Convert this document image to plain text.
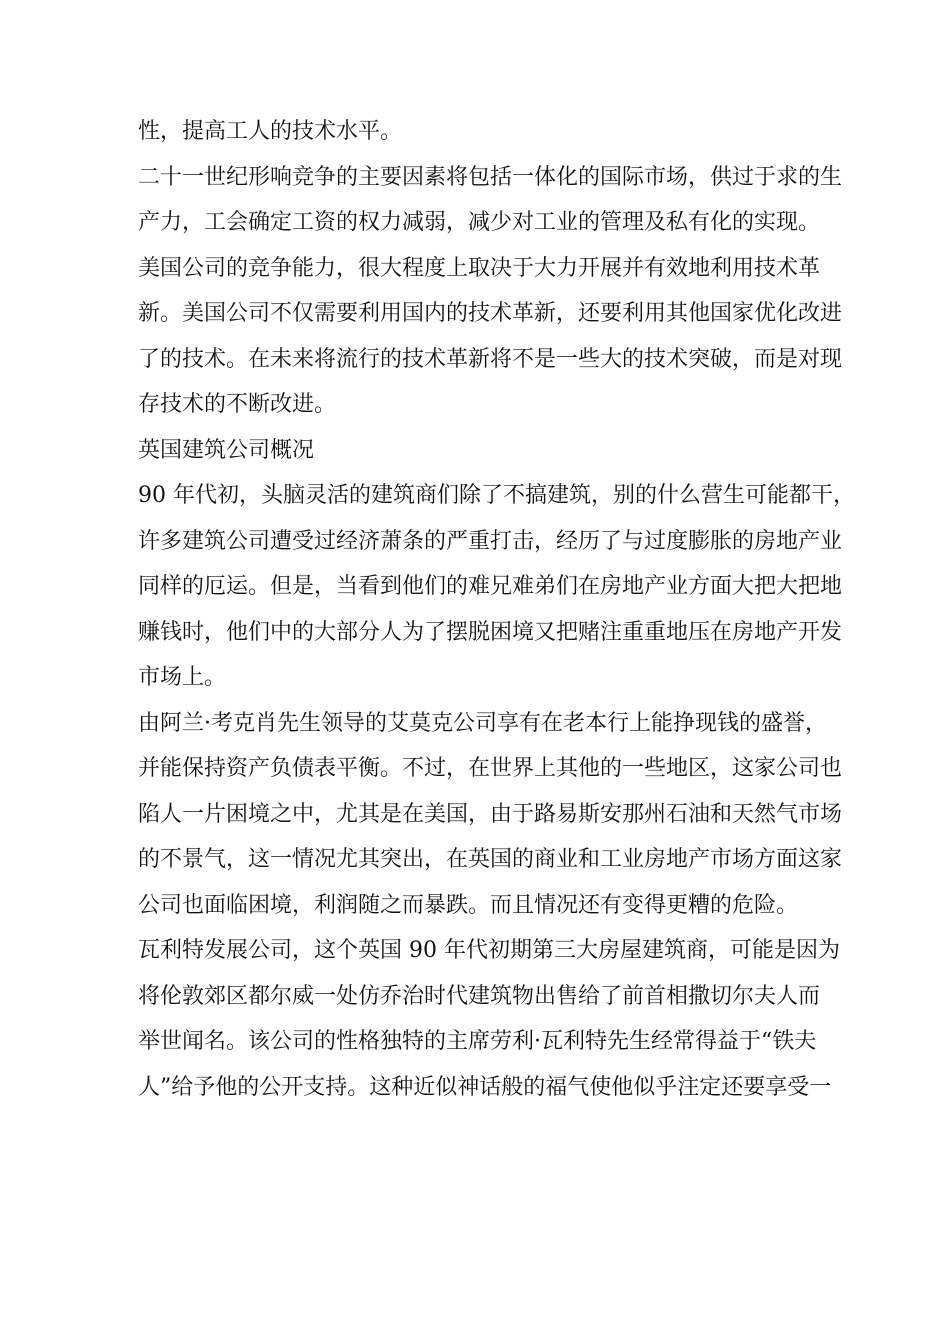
性，提高工人的技术水平。
二十一世纪形响竞争的主要因素将包括一体化的国际市场，供过于求的生
产力，工会确定工资的权力减弱，减少对工业的管理及私有化的实现。
美国公司的竞争能力，很大程度上取决于大力开展并有效地利用技术革
新。美国公司不仅需要利用国内的技术革新，还要利用其他国家优化改进
了的技术。在未来将流行的技术革新将不是一些大的技术突破，而是对现
存技术的不断改进。
英国建筑公司概况
90 年代初，头脑灵活的建筑商们除了不搞建筑，别的什么营生可能都干，
许多建筑公司遭受过经济萧条的严重打击，经历了与过度膨胀的房地产业
同样的厄运。但是，当看到他们的难兄难弟们在房地产业方面大把大把地
赚钱时，他们中的大部分人为了摆脱困境又把赌注重重地压在房地产开发
市场上。
由阿兰·考克肖先生领导的艾莫克公司享有在老本行上能挣现钱的盛誉，
并能保持资产负债表平衡。不过，在世界上其他的一些地区，这家公司也
陷人一片困境之中，尤其是在美国，由于路易斯安那州石油和天然气市场
的不景气，这一情况尤其突出，在英国的商业和工业房地产市场方面这家
公司也面临困境，利润随之而暴跌。而且情况还有变得更糟的危险。
瓦利特发展公司，这个英国 90 年代初期第三大房屋建筑商，可能是因为
将伦敦郊区都尔威一处仿乔治时代建筑物出售给了前首相撒切尔夫人而
举世闻名。该公司的性格独特的主席劳利·瓦利特先生经常得益于“铁夫
人”给予他的公开支持。这种近似神话般的福气使他似乎注定还要享受一
